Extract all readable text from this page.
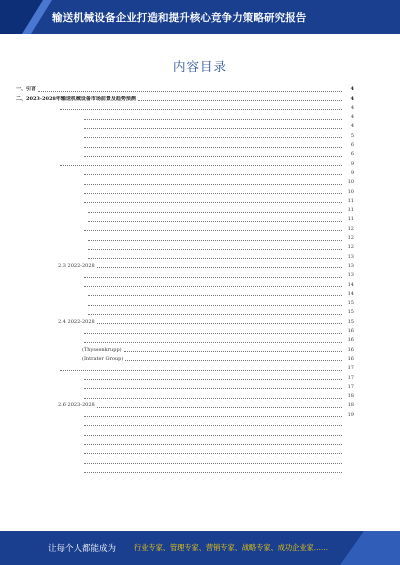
输送机械设备企业打造和提升核心竞争力策略研究报告
内容目录
一、引言	4
二、2023-2028年输送机械设备市场前景及趋势预测	4
4
4
4
5
6
6
9
9
10
10
11
11
11
12
12
12
13
2.3 2022-2028	13
13
14
14
15
15
2.4 2022-2028	15
16
16
(Thyssenkrupp)	16
(Intrater Group)	16
17
17
17
18
2.6 2023-2028	18
19
让每个人都能成为	行业专家、管理专家、营销专家、战略专家、成功企业家……
